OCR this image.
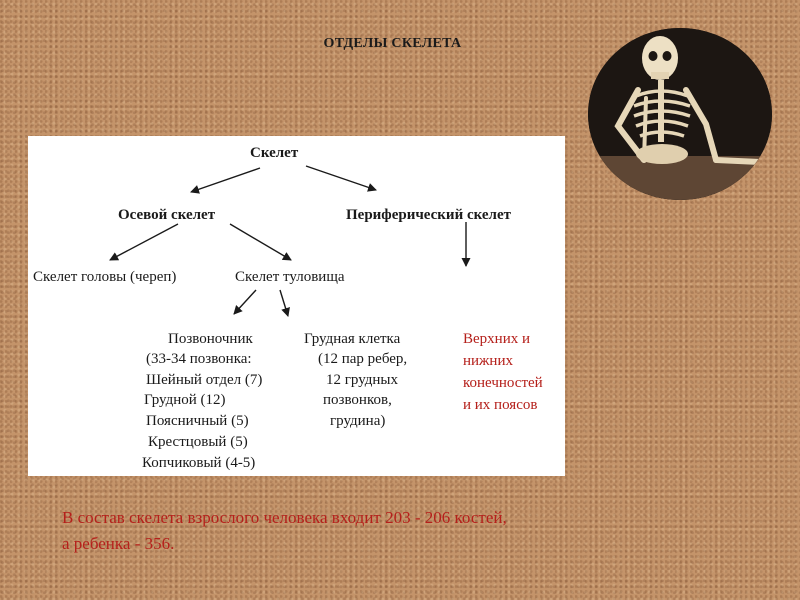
ОТДЕЛЫ СКЕЛЕТА
Скелет
Осевой скелет	Периферический скелет
Скелет головы (череп)	Скелет туловища
Позвоночник
(33-34 позвонка:
Шейный отдел (7)
Грудной (12)
Поясничный (5)
Крестцовый (5)
Копчиковый (4-5)
Грудная клетка
(12 пар ребер,
12 грудных
позвонков,
грудина)
Верхних и
нижних
конечностей
и их поясов
В состав скелета взрослого человека входит 203 - 206 костей,
а ребенка - 356.
